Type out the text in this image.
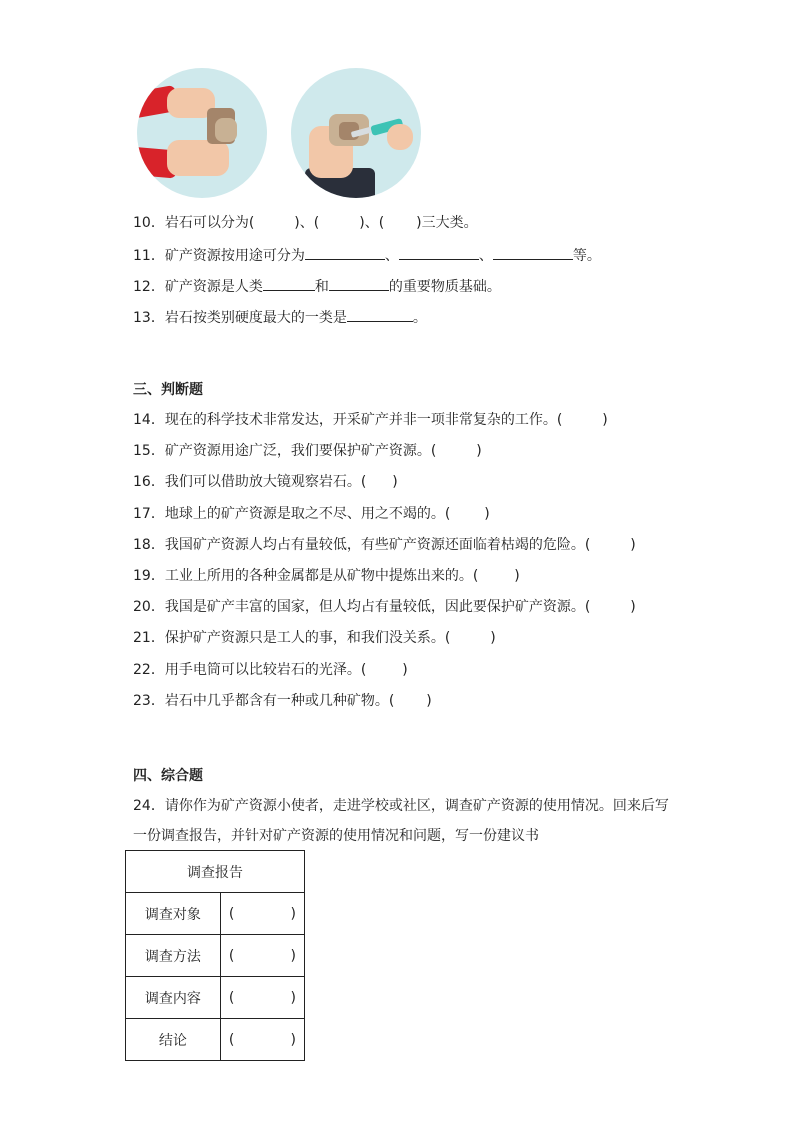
10．岩石可以分为(	)、(	)、( )三大类。
11．矿产资源按用途可分为	、	、	等。
12．矿产资源是人类	和	的重要物质基础。
13．岩石按类别硬度最大的一类是	。
三、判断题
14．现在的科学技术非常发达，开采矿产并非一项非常复杂的工作。(	)
15．矿产资源用途广泛，我们要保护矿产资源。(	)
16．我们可以借助放大镜观察岩石。( )
17．地球上的矿产资源是取之不尽、用之不竭的。( )
18．我国矿产资源人均占有量较低，有些矿产资源还面临着枯竭的危险。(	)
19．工业上所用的各种金属都是从矿物中提炼出来的。(	)
20．我国是矿产丰富的国家，但人均占有量较低，因此要保护矿产资源。(	)
21．保护矿产资源只是工人的事，和我们没关系。(	)
22．用手电筒可以比较岩石的光泽。(	)
23．岩石中几乎都含有一种或几种矿物。( )
四、综合题
24．请你作为矿产资源小使者，走进学校或社区，调查矿产资源的使用情况。回来后写
一份调查报告，并针对矿产资源的使用情况和问题，写一份建议书
调查报告	
调查对象	( )

调查方法	( )

调查内容	( )

结论	( )
